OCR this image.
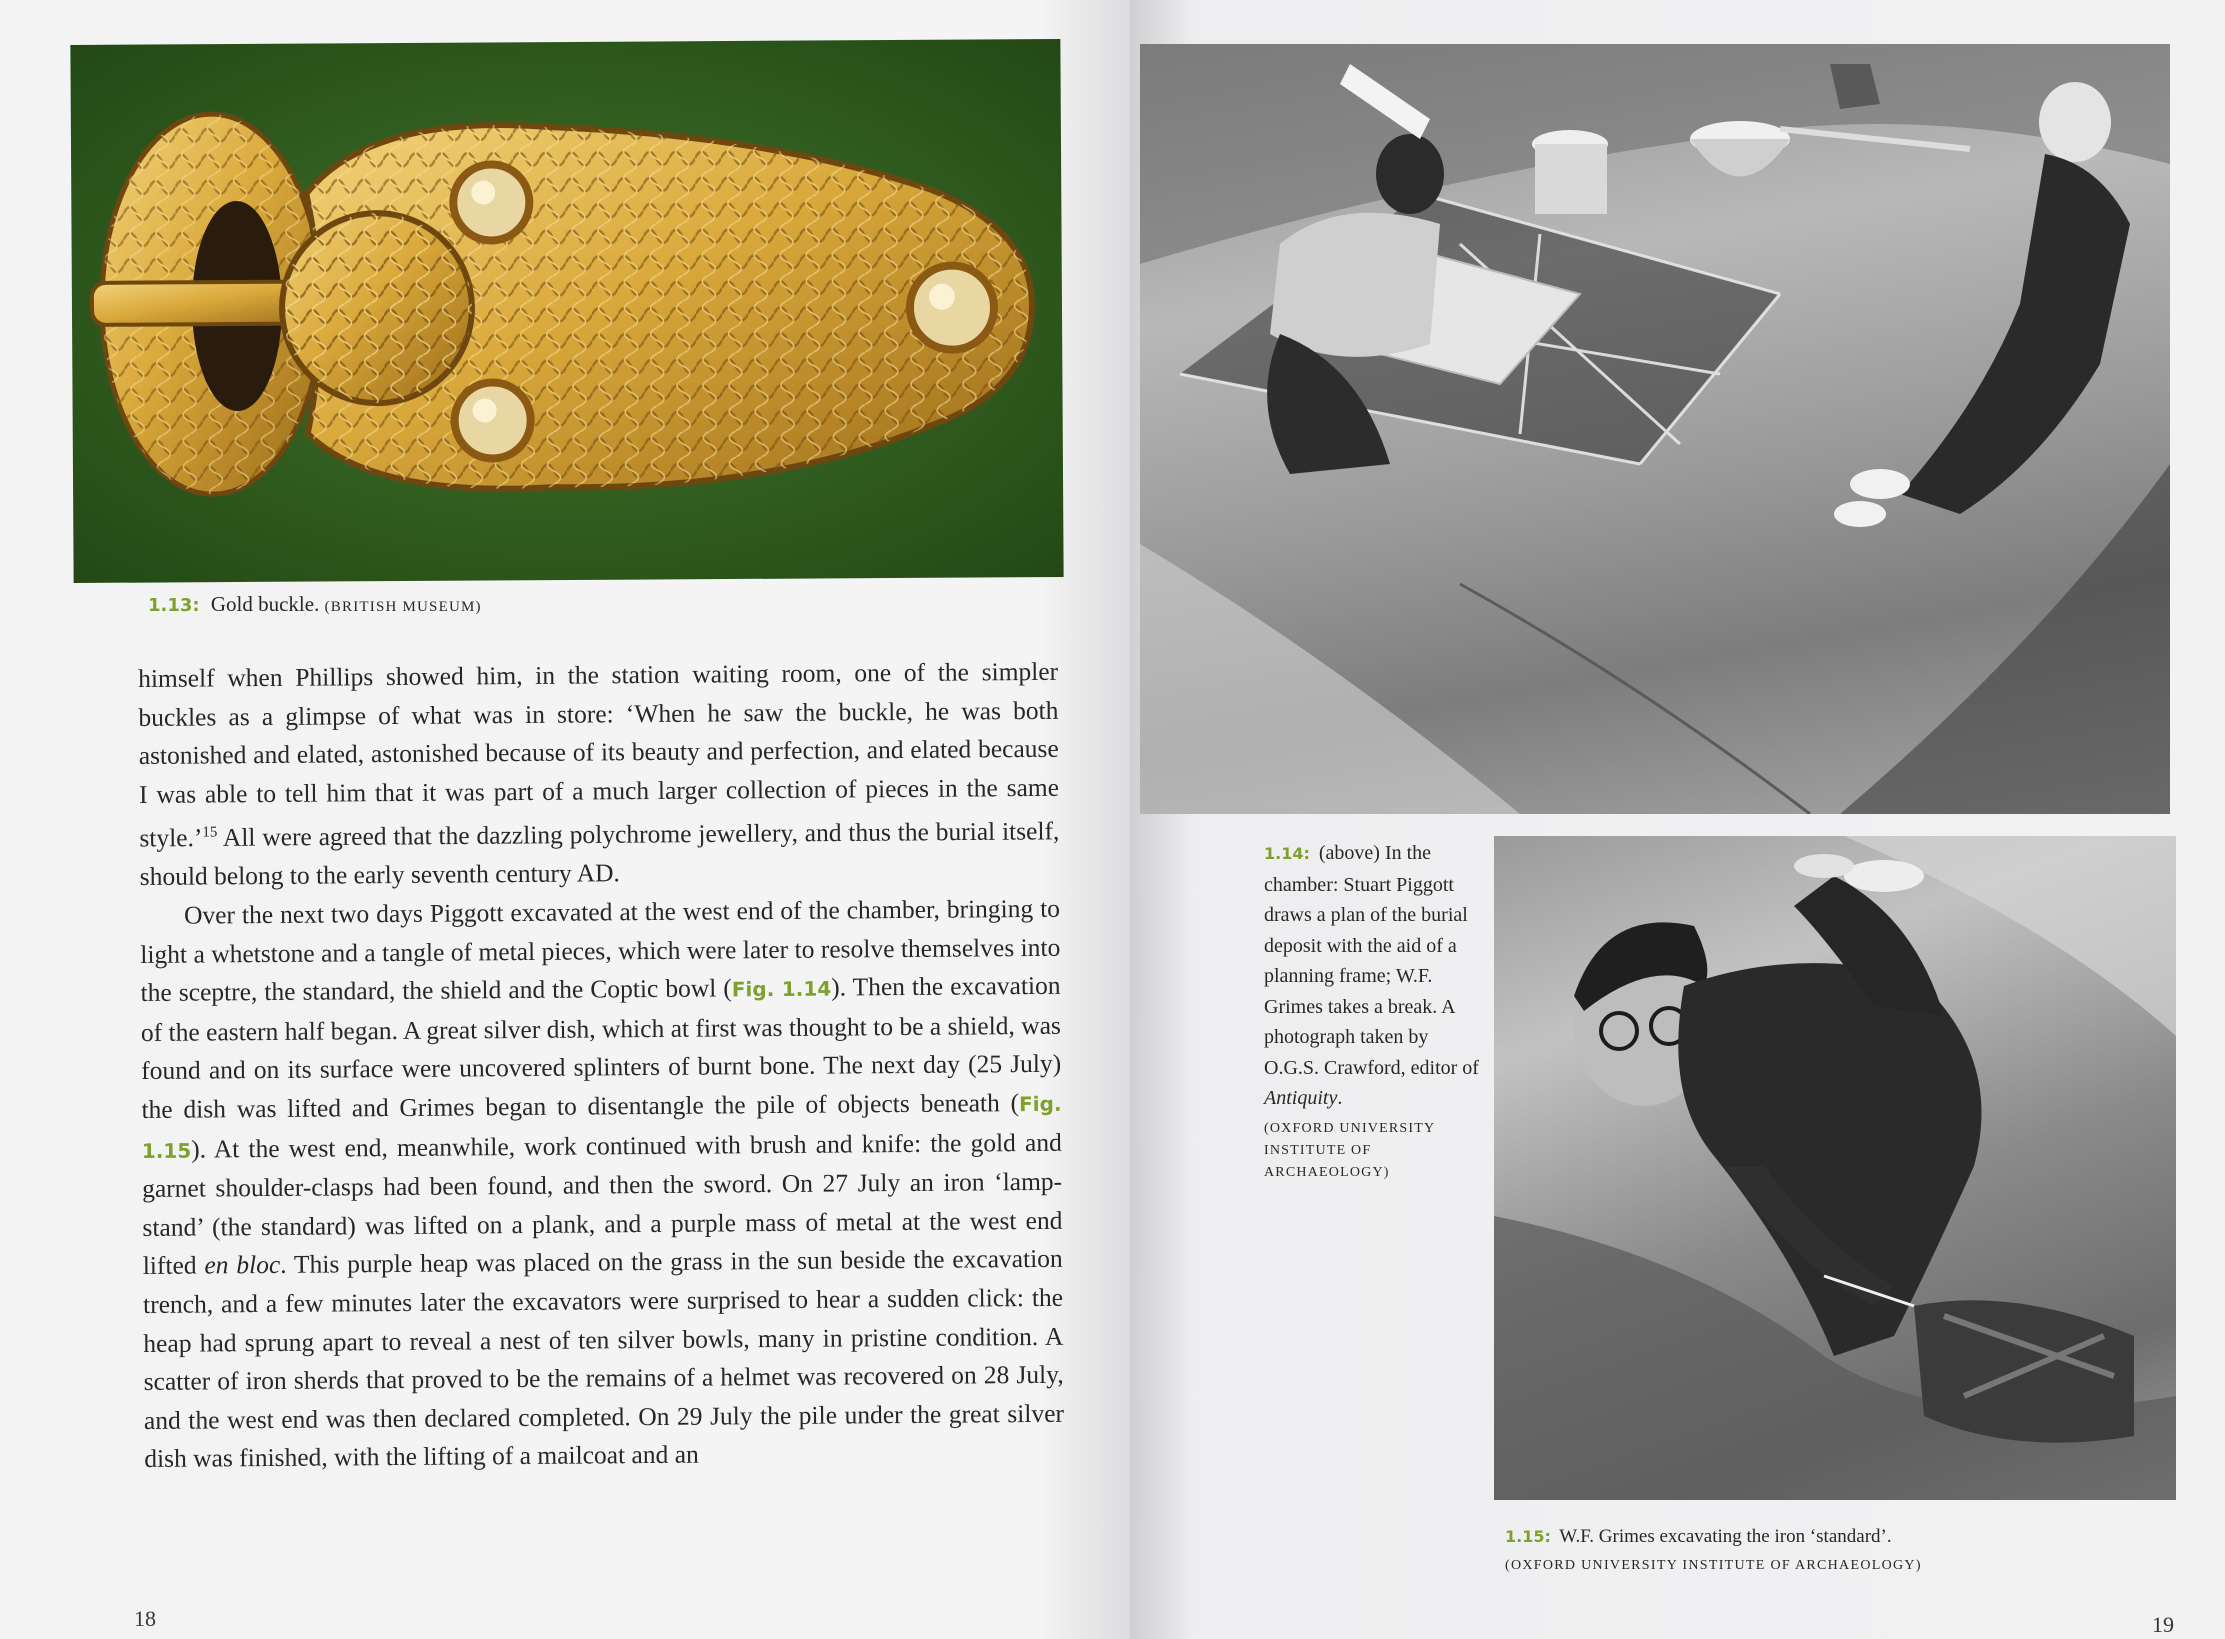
1.13: Gold buckle. (BRITISH MUSEUM)

himself when Phillips showed him, in the station waiting room, one of the simpler buckles as a glimpse of what was in store: ‘When he saw the buckle, he was both astonished and elated, astonished because of its beauty and perfection, and elated because I was able to tell him that it was part of a much larger collection of pieces in the same style.’$^{15}$ All were agreed that the dazzling polychrome jewellery, and thus the burial itself, should belong to the early seventh century AD.

Over the next two days Piggott excavated at the west end of the chamber, bringing to light a whetstone and a tangle of metal pieces, which were later to resolve themselves into the sceptre, the standard, the shield and the Coptic bowl (Fig. 1.14). Then the excavation of the eastern half began. A great silver dish, which at first was thought to be a shield, was found and on its surface were uncovered splinters of burnt bone. The next day (25 July) the dish was lifted and Grimes began to disentangle the pile of objects beneath (Fig. 1.15). At the west end, meanwhile, work continued with brush and knife: the gold and garnet shoulder-clasps had been found, and then the sword. On 27 July an iron ‘lamp-stand’ (the standard) was lifted on a plank, and a purple mass of metal at the west end lifted en bloc. This purple heap was placed on the grass in the sun beside the excavation trench, and a few minutes later the excavators were surprised to hear a sudden click: the heap had sprung apart to reveal a nest of ten silver bowls, many in pristine condition. A scatter of iron sherds that proved to be the remains of a helmet was recovered on 28 July, and the west end was then declared completed. On 29 July the pile under the great silver dish was finished, with the lifting of a mailcoat and an

18
1.14: (above) In the chamber: Stuart Piggott draws a plan of the burial deposit with the aid of a planning frame; W.F. Grimes takes a break. A photograph taken by O.G.S. Crawford, editor of Antiquity.
(OXFORD UNIVERSITY INSTITUTE OF ARCHAEOLOGY)
1.15: W.F. Grimes excavating the iron ‘standard’.
(OXFORD UNIVERSITY INSTITUTE OF ARCHAEOLOGY)
19
